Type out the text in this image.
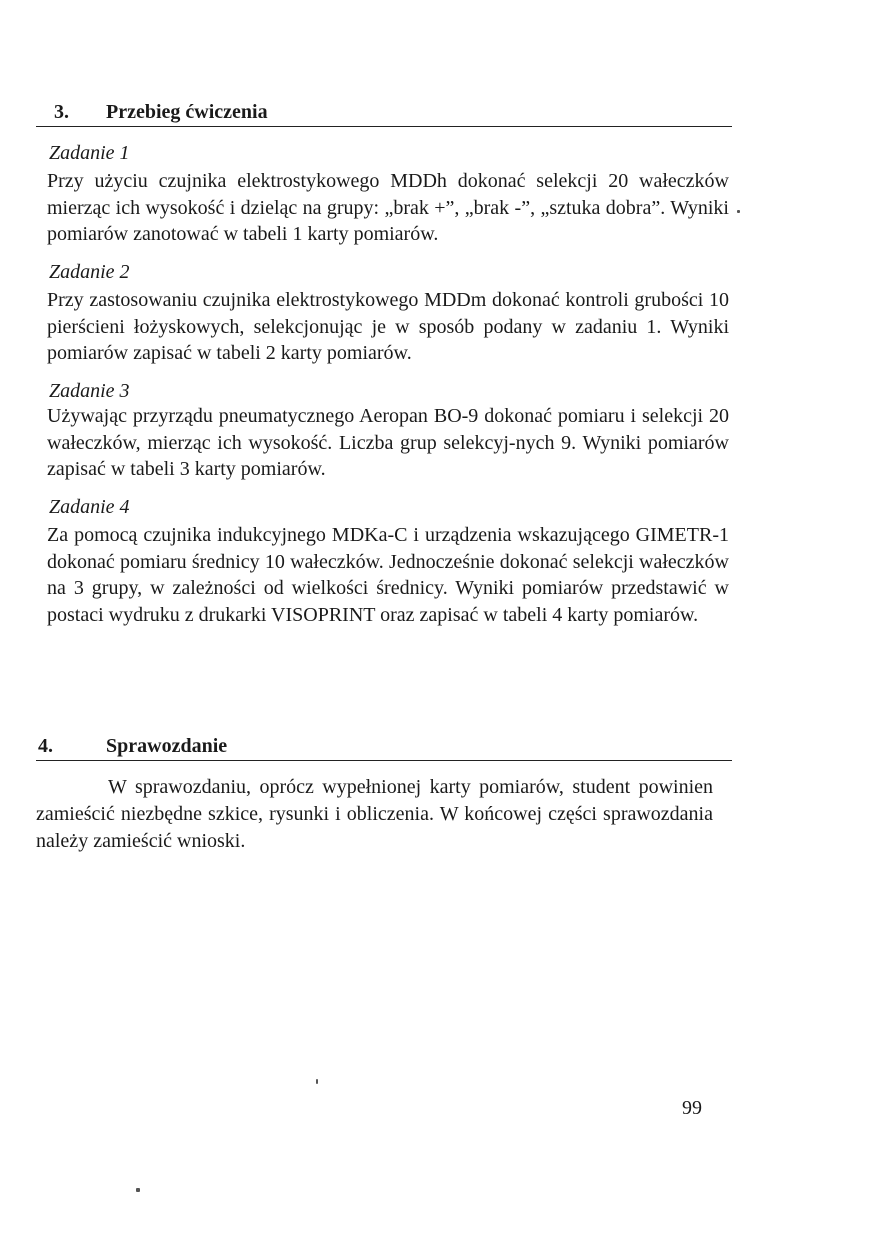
3. Przebieg ćwiczenia
Zadanie 1
Przy użyciu czujnika elektrostykowego MDDh dokonać selekcji 20 wałeczków mierząc ich wysokość i dzieląc na grupy: „brak +”, „brak -”, „sztuka dobra”. Wyniki pomiarów zanotować w tabeli 1 karty pomiarów.
Zadanie 2
Przy zastosowaniu czujnika elektrostykowego MDDm dokonać kontroli grubości 10 pierścieni łożyskowych, selekcjonując je w sposób podany w zadaniu 1. Wyniki pomiarów zapisać w tabeli 2 karty pomiarów.
Zadanie 3
Używając przyrządu pneumatycznego Aeropan BO-9 dokonać pomiaru i selekcji 20 wałeczków, mierząc ich wysokość. Liczba grup selekcyj-nych 9. Wyniki pomiarów zapisać w tabeli 3 karty pomiarów.
Zadanie 4
Za pomocą czujnika indukcyjnego MDKa-C i urządzenia wskazującego GIMETR-1 dokonać pomiaru średnicy 10 wałeczków. Jednocześnie dokonać selekcji wałeczków na 3 grupy, w zależności od wielkości średnicy. Wyniki pomiarów przedstawić w postaci wydruku z drukarki VISOPRINT oraz zapisać w tabeli 4 karty pomiarów.
4.	Sprawozdanie
W sprawozdaniu, oprócz wypełnionej karty pomiarów, student powinien zamieścić niezbędne szkice, rysunki i obliczenia. W końcowej części sprawozdania należy zamieścić wnioski.
99
